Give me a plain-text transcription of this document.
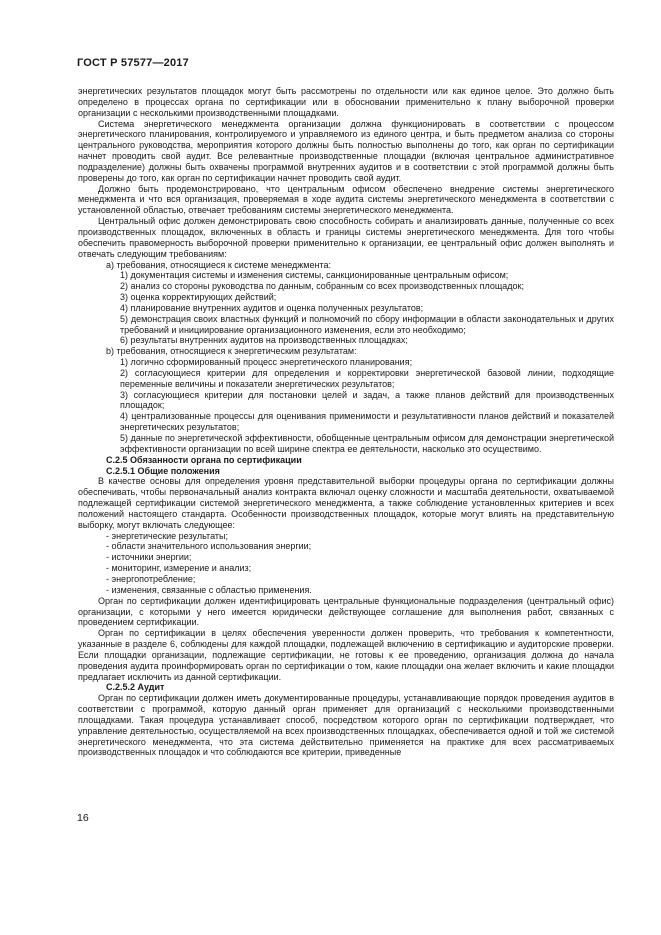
ГОСТ Р 57577—2017

энергетических результатов площадок могут быть рассмотрены по отдельности или как единое целое. Это должно быть определено в процессах органа по сертификации или в обосновании применительно к плану выборочной проверки организации с несколькими производственными площадками.

Система энергетического менеджмента организации должна функционировать в соответствии с процессом энергетического планирования, контролируемого и управляемого из единого центра, и быть предметом анализа со стороны центрального руководства, мероприятия которого должны быть полностью выполнены до того, как орган по сертификации начнет проводить свой аудит. Все релевантные производственные площадки (включая центральное административное подразделение) должны быть охвачены программой внутренних аудитов и в соответствии с этой программой должны быть проверены до того, как орган по сертификации начнет проводить свой аудит.

Должно быть продемонстрировано, что центральным офисом обеспечено внедрение системы энергетического менеджмента и что вся организация, проверяемая в ходе аудита системы энергетического менеджмента в соответствии с установленной областью, отвечает требованиям системы энергетического менеджмента.

Центральный офис должен демонстрировать свою способность собирать и анализировать данные, полученные со всех производственных площадок, включенных в область и границы системы энергетического менеджмента. Для того чтобы обеспечить правомерность выборочной проверки применительно к организации, ее центральный офис должен выполнять и отвечать следующим требованиям:

а) требования, относящиеся к системе менеджмента:

1) документация системы и изменения системы, санкционированные центральным офисом;

2) анализ со стороны руководства по данным, собранным со всех производственных площадок;

3) оценка корректирующих действий;

4) планирование внутренних аудитов и оценка полученных результатов;

5) демонстрация своих властных функций и полномочий по сбору информации в области законодательных и других требований и инициирование организационного изменения, если это необходимо;

6) результаты внутренних аудитов на производственных площадках;

b) требования, относящиеся к энергетическим результатам:

1) логично сформированный процесс энергетического планирования;

2) согласующиеся критерии для определения и корректировки энергетической базовой линии, подходящие переменные величины и показатели энергетических результатов;

3) согласующиеся критерии для постановки целей и задач, а также планов действий для производственных площадок;

4) централизованные процессы для оценивания применимости и результативности планов действий и показателей энергетических результатов;

5) данные по энергетической эффективности, обобщенные центральным офисом для демонстрации энергетической эффективности организации по всей ширине спектра ее деятельности, насколько это осуществимо.

С.2.5 Обязанности органа по сертификации

С.2.5.1 Общие положения

В качестве основы для определения уровня представительной выборки процедуры органа по сертификации должны обеспечивать, чтобы первоначальный анализ контракта включал оценку сложности и масштаба деятельности, охватываемой подлежащей сертификации системой энергетического менеджмента, а также соблюдение установленных критериев и всех положений настоящего стандарта. Особенности производственных площадок, которые могут влиять на представительную выборку, могут включать следующее:

- энергетические результаты;

- области значительного использования энергии;

- источники энергии;

- мониторинг, измерение и анализ;

- энергопотребление;

- изменения, связанные с областью применения.

Орган по сертификации должен идентифицировать центральные функциональные подразделения (центральный офис) организации, с которыми у него имеется юридически действующее соглашение для выполнения работ, связанных с проведением сертификации.

Орган по сертификации в целях обеспечения уверенности должен проверить, что требования к компетентности, указанные в разделе 6, соблюдены для каждой площадки, подлежащей включению в сертификацию и аудиторские проверки. Если площадки организации, подлежащие сертификации, не готовы к ее проведению, организация должна до начала проведения аудита проинформировать орган по сертификации о том, какие площадки она желает включить и какие площадки предлагает исключить из данной сертификации.

С.2.5.2 Аудит

Орган по сертификации должен иметь документированные процедуры, устанавливающие порядок проведения аудитов в соответствии с программой, которую данный орган применяет для организаций с несколькими производственными площадками. Такая процедура устанавливает способ, посредством которого орган по сертификации подтверждает, что управление деятельностью, осуществляемой на всех производственных площадках, обеспечивается одной и той же системой энергетического менеджмента, что эта система действительно применяется на практике для всех рассматриваемых производственных площадок и что соблюдаются все критерии, приведенные

16
